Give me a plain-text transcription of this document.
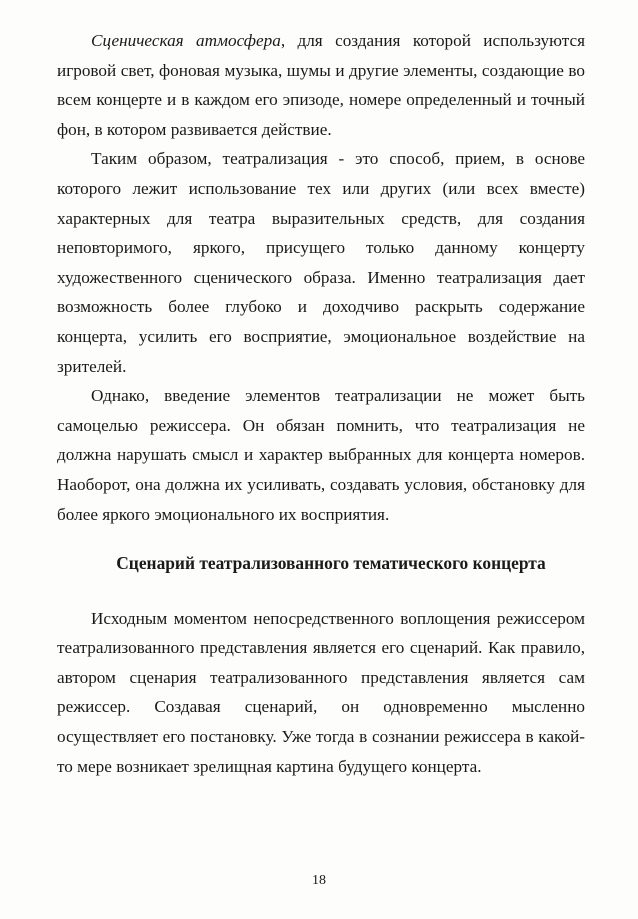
Сценическая атмосфера, для создания которой используются игровой свет, фоновая музыка, шумы и другие элементы, создающие во всем концерте и в каждом его эпизоде, номере определенный и точный фон, в котором развивается действие.

Таким образом, театрализация - это способ, прием, в основе которого лежит использование тех или других (или всех вместе) характерных для театра выразительных средств, для создания неповторимого, яркого, присущего только данному концерту художественного сценического образа. Именно театрализация дает возможность более глубоко и доходчиво раскрыть содержание концерта, усилить его восприятие, эмоциональное воздействие на зрителей.

Однако, введение элементов театрализации не может быть самоцелью режиссера. Он обязан помнить, что театрализация не должна нарушать смысл и характер выбранных для концерта номеров. Наоборот, она должна их усиливать, создавать условия, обстановку для более яркого эмоционального их восприятия.

Сценарий театрализованного тематического концерта

Исходным моментом непосредственного воплощения режиссером театрализованного представления является его сценарий. Как правило, автором сценария театрализованного представления является сам режиссер. Создавая сценарий, он одновременно мысленно осуществляет его постановку. Уже тогда в сознании режиссера в какой-то мере возникает зрелищная картина будущего концерта.

18
